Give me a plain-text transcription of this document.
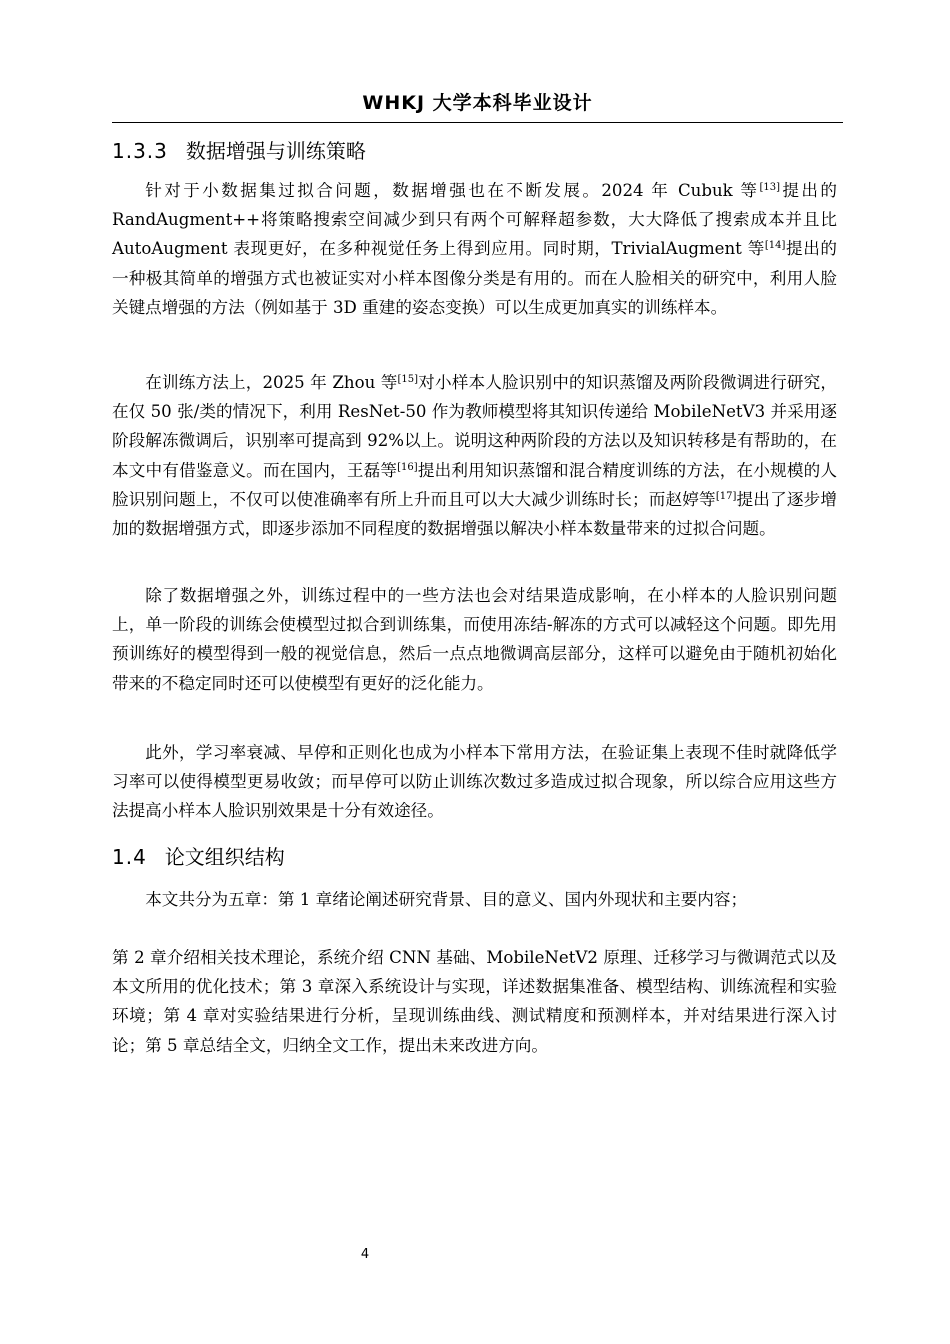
WHKJ 大学本科毕业设计
1.3.3 数据增强与训练策略

针对于小数据集过拟合问题，数据增强也在不断发展。2024 年 Cubuk 等[13]提出的 RandAugment++将策略搜索空间减少到只有两个可解释超参数，大大降低了搜索成本并且比 AutoAugment 表现更好，在多种视觉任务上得到应用。同时期，TrivialAugment 等[14]提出的一种极其简单的增强方式也被证实对小样本图像分类是有用的。而在人脸相关的研究中，利用人脸关键点增强的方法（例如基于 3D 重建的姿态变换）可以生成更加真实的训练样本。

在训练方法上，2025 年 Zhou 等[15]对小样本人脸识别中的知识蒸馏及两阶段微调进行研究，在仅 50 张/类的情况下，利用 ResNet-50 作为教师模型将其知识传递给 MobileNetV3 并采用逐阶段解冻微调后，识别率可提高到 92%以上。说明这种两阶段的方法以及知识转移是有帮助的，在本文中有借鉴意义。而在国内，王磊等[16]提出利用知识蒸馏和混合精度训练的方法，在小规模的人脸识别问题上，不仅可以使准确率有所上升而且可以大大减少训练时长；而赵婷等[17]提出了逐步增加的数据增强方式，即逐步添加不同程度的数据增强以解决小样本数量带来的过拟合问题。

除了数据增强之外，训练过程中的一些方法也会对结果造成影响，在小样本的人脸识别问题上，单一阶段的训练会使模型过拟合到训练集，而使用冻结-解冻的方式可以减轻这个问题。即先用预训练好的模型得到一般的视觉信息，然后一点点地微调高层部分，这样可以避免由于随机初始化带来的不稳定同时还可以使模型有更好的泛化能力。

此外，学习率衰减、早停和正则化也成为小样本下常用方法，在验证集上表现不佳时就降低学习率可以使得模型更易收敛；而早停可以防止训练次数过多造成过拟合现象，所以综合应用这些方法提高小样本人脸识别效果是十分有效途径。

1.4 论文组织结构

本文共分为五章：第 1 章绪论阐述研究背景、目的意义、国内外现状和主要内容；

第 2 章介绍相关技术理论，系统介绍 CNN 基础、MobileNetV2 原理、迁移学习与微调范式以及本文所用的优化技术；第 3 章深入系统设计与实现，详述数据集准备、模型结构、训练流程和实验环境；第 4 章对实验结果进行分析，呈现训练曲线、测试精度和预测样本，并对结果进行深入讨论；第 5 章总结全文，归纳全文工作，提出未来改进方向。

4
